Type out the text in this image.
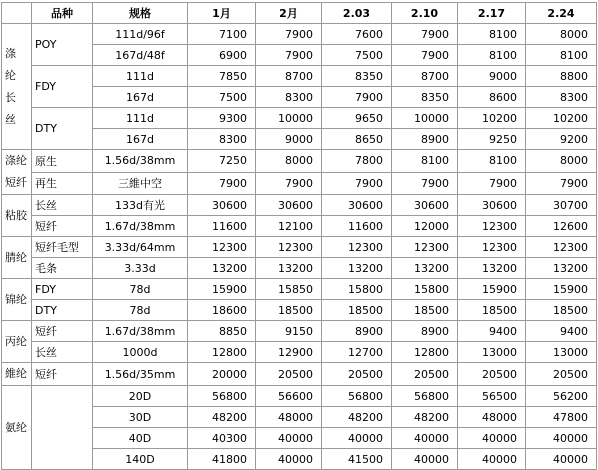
	品种	规格	1月	2月	2.03	2.10	2.17	2.24

涤
纶
长
丝	POY	111d/96f	7100	7900	7600	7900	8100	8000
		167d/48f	6900	7900	7500	7900	8100	8100
	FDY	111d	7850	8700	8350	8700	9000	8800
		167d	7500	8300	7900	8350	8600	8300
	DTY	111d	9300	10000	9650	10000	10200	10200
		167d	8300	9000	8650	8900	9250	9200

涤纶
短纤	原生	1.56d/38mm	7250	8000	7800	8100	8100	8000
	再生	三維中空	7900	7900	7900	7900	7900	7900

粘胶	长丝	133d有光	30600	30600	30600	30600	30600	30700
	短纤	1.67d/38mm	11600	12100	11600	12000	12300	12600

腈纶	短纤毛型	3.33d/64mm	12300	12300	12300	12300	12300	12300
	毛条	3.33d	13200	13200	13200	13200	13200	13200

锦纶	FDY	78d	15900	15850	15800	15800	15900	15900
	DTY	78d	18600	18500	18500	18500	18500	18500

丙纶	短纤	1.67d/38mm	8850	9150	8900	8900	9400	9400
	长丝	1000d	12800	12900	12700	12800	13000	13000

維纶	短纤	1.56d/35mm	20000	20500	20500	20500	20500	20500

氨纶		20D	56800	56600	56800	56800	56500	56200
		30D	48200	48000	48200	48200	48000	47800
		40D	40300	40000	40000	40000	40000	40000
		140D	41800	40000	41500	40000	40000	40000
